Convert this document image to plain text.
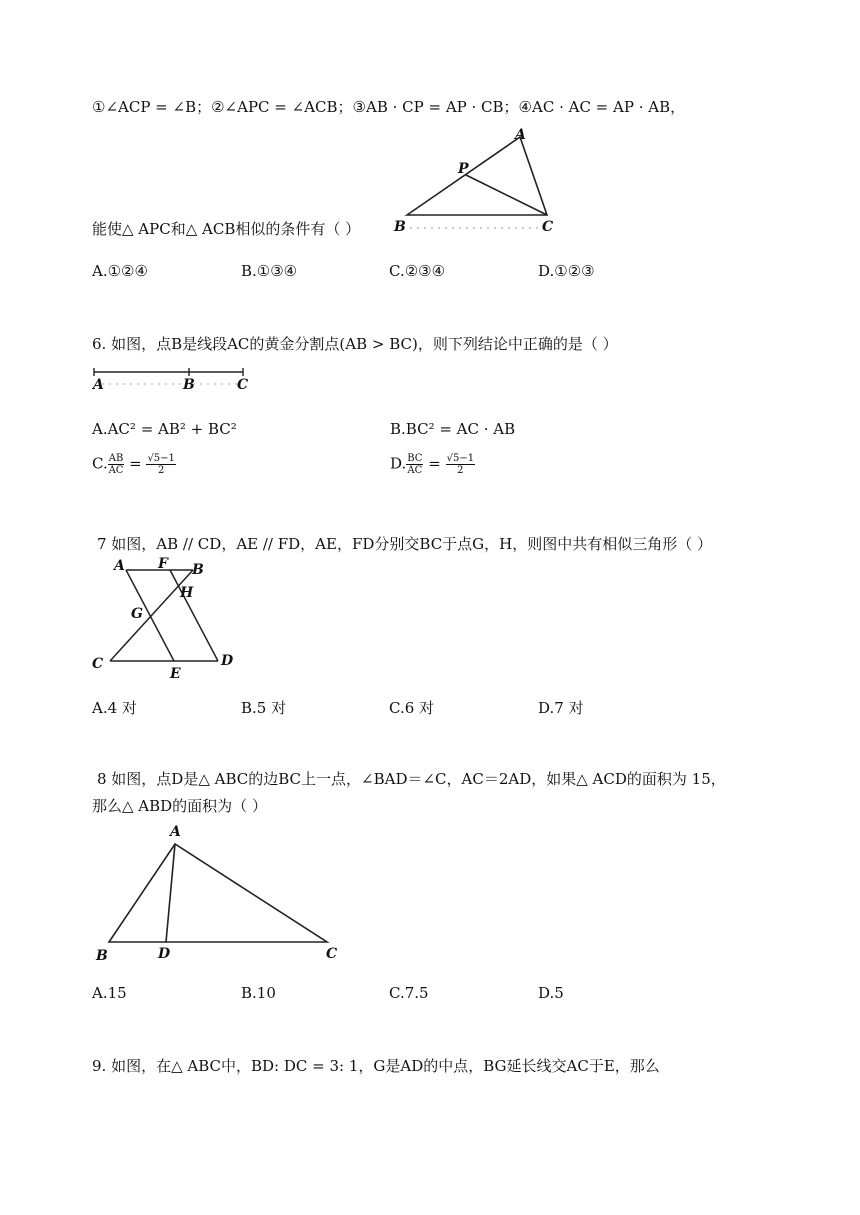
①∠ACP = ∠B；②∠APC = ∠ACB；③AB · CP = AP · CB；④AC · AC = AP · AB，
A
P
B	C
能使△ APC和△ ACB相似的条件有（ ）
A.①②④	B.①③④	C.②③④	D.①②③
6. 如图，点B是线段AC的黄金分割点(AB > BC)，则下列结论中正确的是（ ）
A	B	C
A.AC² = AB² + BC²	B.BC² = AC · AB
C. $\frac{AB}{AC} = \frac{√5-1}{2}$	D. $\frac{BC}{AC} = \frac{√5-1}{2}$
7 如图，AB // CD，AE // FD，AE，FD分别交BC于点G，H，则图中共有相似三角形（ ）
A F B
H
G
C
E
D
A.4 对	B.5 对	C.6 对	D.7 对
8 如图，点D是△ ABC的边BC上一点，∠BAD＝∠C，AC＝2AD，如果△ ACD的面积为 15，
那么△ ABD的面积为（ ）
A
B	D	C
A.15	B.10	C.7.5	D.5
9. 如图，在△ ABC中，BD: DC = 3: 1，G是AD的中点，BG延长线交AC于E，那么
